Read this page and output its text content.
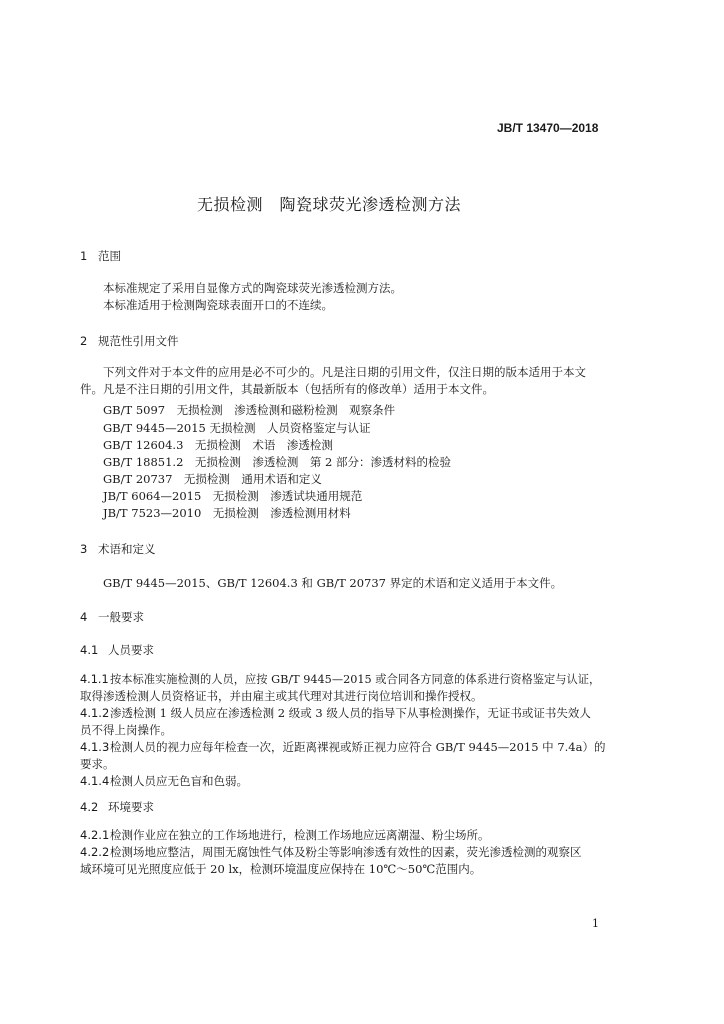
JB/T 13470—2018
无损检测　陶瓷球荧光渗透检测方法
1 范围
本标准规定了采用自显像方式的陶瓷球荧光渗透检测方法。
本标准适用于检测陶瓷球表面开口的不连续。
2 规范性引用文件
下列文件对于本文件的应用是必不可少的。凡是注日期的引用文件，仅注日期的版本适用于本文
件。凡是不注日期的引用文件，其最新版本（包括所有的修改单）适用于本文件。
GB/T 5097　无损检测　渗透检测和磁粉检测　观察条件
GB/T 9445—2015 无损检测　人员资格鉴定与认证
GB/T 12604.3　无损检测　术语　渗透检测
GB/T 18851.2　无损检测　渗透检测　第 2 部分：渗透材料的检验
GB/T 20737　无损检测　通用术语和定义
JB/T 6064—2015　无损检测　渗透试块通用规范
JB/T 7523—2010　无损检测　渗透检测用材料
3 术语和定义
GB/T 9445—2015、GB/T 12604.3 和 GB/T 20737 界定的术语和定义适用于本文件。
4 一般要求
4.1 人员要求
4.1.1按本标准实施检测的人员，应按 GB/T 9445—2015 或合同各方同意的体系进行资格鉴定与认证，
取得渗透检测人员资格证书，并由雇主或其代理对其进行岗位培训和操作授权。
4.1.2渗透检测 1 级人员应在渗透检测 2 级或 3 级人员的指导下从事检测操作，无证书或证书失效人
员不得上岗操作。
4.1.3检测人员的视力应每年检查一次，近距离裸视或矫正视力应符合 GB/T 9445—2015 中 7.4a）的
要求。
4.1.4检测人员应无色盲和色弱。
4.2 环境要求
4.2.1检测作业应在独立的工作场地进行，检测工作场地应远离潮湿、粉尘场所。
4.2.2检测场地应整洁，周围无腐蚀性气体及粉尘等影响渗透有效性的因素，荧光渗透检测的观察区
域环境可见光照度应低于 20 lx，检测环境温度应保持在 10℃～50℃范围内。
1
